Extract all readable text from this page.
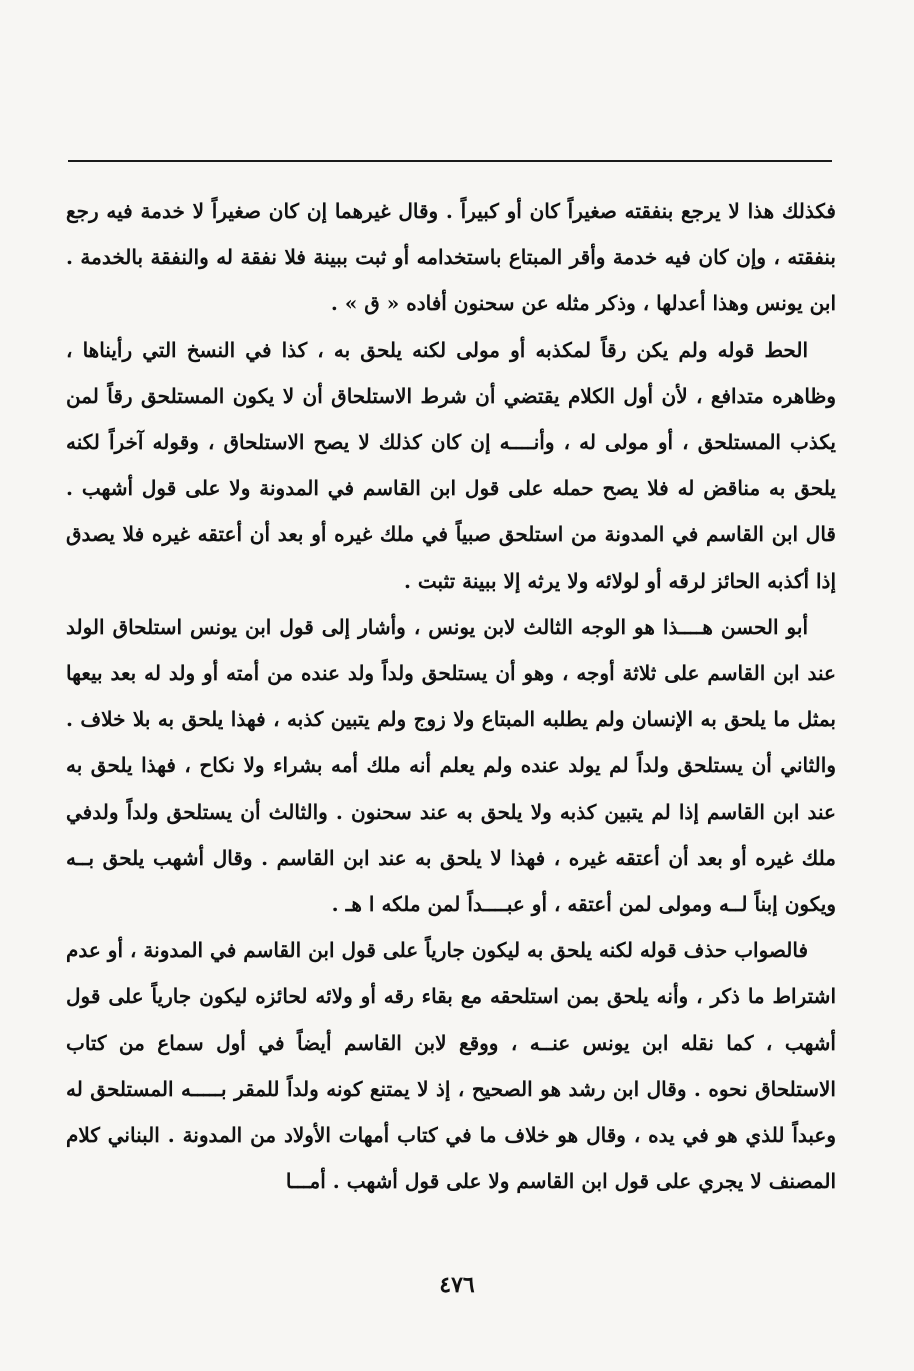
فكذلك هذا لا يرجع بنفقته صغيراً كان أو كبيراً . وقال غيرهما إن كان صغيراً لا خدمة فيه رجع بنفقته ، وإن كان فيه خدمة وأقر المبتاع باستخدامه أو ثبت ببينة فلا نفقة له والنفقة بالخدمة . ابن يونس وهذا أعدلها ، وذكر مثله عن سحنون أفاده « ق » .

الحط قوله ولم يكن رقاً لمكذبه أو مولى لكنه يلحق به ، كذا في النسخ التي رأيناها ، وظاهره متدافع ، لأن أول الكلام يقتضي أن شرط الاستلحاق أن لا يكون المستلحق رقاً لمن يكذب المستلحق ، أو مولى له ، وأنــــه إن كان كذلك لا يصح الاستلحاق ، وقوله آخراً لكنه يلحق به مناقض له فلا يصح حمله على قول ابن القاسم في المدونة ولا على قول أشهب . قال ابن القاسم في المدونة من استلحق صبياً في ملك غيره أو بعد أن أعتقه غيره فلا يصدق إذا أكذبه الحائز لرقه أو لولائه ولا يرثه إلا ببينة تثبت .

أبو الحسن هــــذا هو الوجه الثالث لابن يونس ، وأشار إلى قول ابن يونس استلحاق الولد عند ابن القاسم على ثلاثة أوجه ، وهو أن يستلحق ولداً ولد عنده من أمته أو ولد له بعد بيعها بمثل ما يلحق به الإنسان ولم يطلبه المبتاع ولا زوج ولم يتبين كذبه ، فهذا يلحق به بلا خلاف . والثاني أن يستلحق ولداً لم يولد عنده ولم يعلم أنه ملك أمه بشراء ولا نكاح ، فهذا يلحق به عند ابن القاسم إذا لم يتبين كذبه ولا يلحق به عند سحنون . والثالث أن يستلحق ولداً ولدفي ملك غيره أو بعد أن أعتقه غيره ، فهذا لا يلحق به عند ابن القاسم . وقال أشهب يلحق بــه ويكون إبناً لــه ومولى لمن أعتقه ، أو عبــــداً لمن ملكه ا هـ .

فالصواب حذف قوله لكنه يلحق به ليكون جارياً على قول ابن القاسم في المدونة ، أو عدم اشتراط ما ذكر ، وأنه يلحق بمن استلحقه مع بقاء رقه أو ولائه لحائزه ليكون جارياً على قول أشهب ، كما نقله ابن يونس عنــه ، ووقع لابن القاسم أيضاً في أول سماع من كتاب الاستلحاق نحوه . وقال ابن رشد هو الصحيح ، إذ لا يمتنع كونه ولداً للمقر بـــــه المستلحق له وعبداً للذي هو في يده ، وقال هو خلاف ما في كتاب أمهات الأولاد من المدونة . البناني كلام المصنف لا يجري على قول ابن القاسم ولا على قول أشهب . أمـــا

٤٧٦
